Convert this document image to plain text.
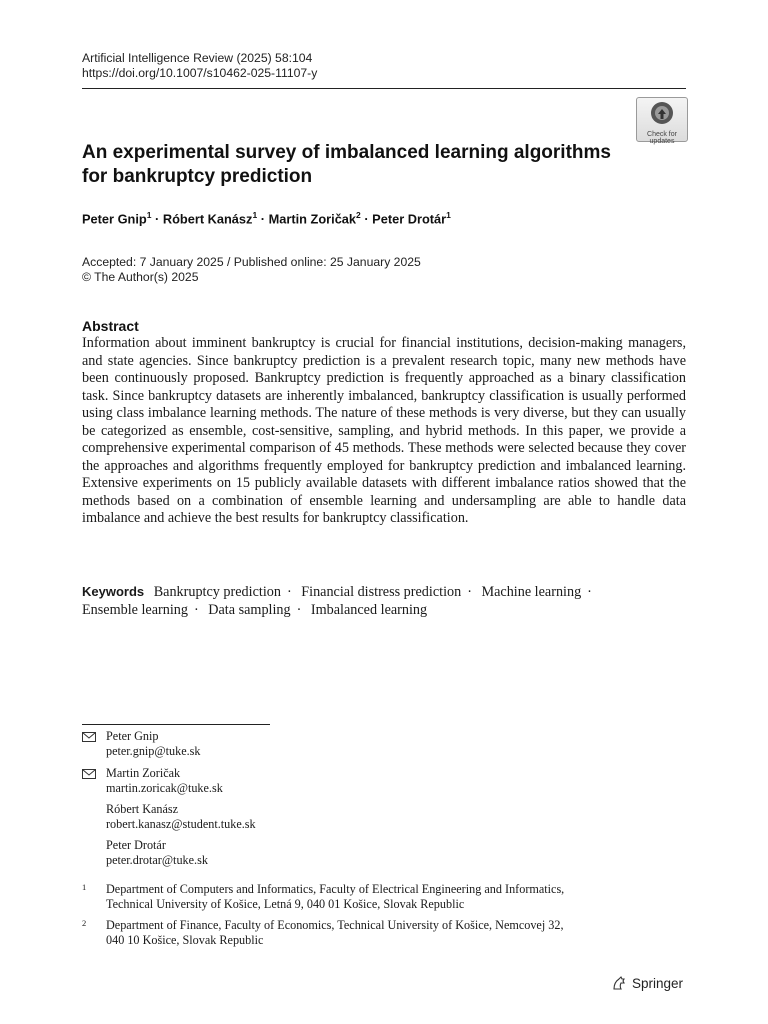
Artificial Intelligence Review (2025) 58:104
https://doi.org/10.1007/s10462-025-11107-y
Check for
updates
An experimental survey of imbalanced learning algorithms
for bankruptcy prediction
Peter Gnip$^1$ · Róbert Kanász$^1$ · Martin Zoričak$^2$ · Peter Drotár$^1$
Accepted: 7 January 2025 / Published online: 25 January 2025
© The Author(s) 2025
Abstract
Information about imminent bankruptcy is crucial for financial institutions, decision-making managers, and state agencies. Since bankruptcy prediction is a prevalent research topic, many new methods have been continuously proposed. Bankruptcy prediction is frequently approached as a binary classification task. Since bankruptcy datasets are inherently imbalanced, bankruptcy classification is usually performed using class imbalance learning methods. The nature of these methods is very diverse, but they can usually be categorized as ensemble, cost-sensitive, sampling, and hybrid methods. In this paper, we provide a comprehensive experimental comparison of 45 methods. These methods were selected because they cover the approaches and algorithms frequently employed for bankruptcy prediction and imbalanced learning. Extensive experiments on 15 publicly available datasets with different imbalance ratios showed that the methods based on a combination of ensemble learning and undersampling are able to handle data imbalance and achieve the best results for bankruptcy classification.
Keywords Bankruptcy prediction · Financial distress prediction · Machine learning ·
Ensemble learning · Data sampling · Imbalanced learning
Peter Gnip
peter.gnip@tuke.sk
Martin Zoričak
martin.zoricak@tuke.sk
Róbert Kanász
robert.kanasz@student.tuke.sk
Peter Drotár
peter.drotar@tuke.sk
1 Department of Computers and Informatics, Faculty of Electrical Engineering and Informatics,
Technical University of Košice, Letná 9, 040 01 Košice, Slovak Republic
2 Department of Finance, Faculty of Economics, Technical University of Košice, Nemcovej 32,
040 10 Košice, Slovak Republic
Springer
